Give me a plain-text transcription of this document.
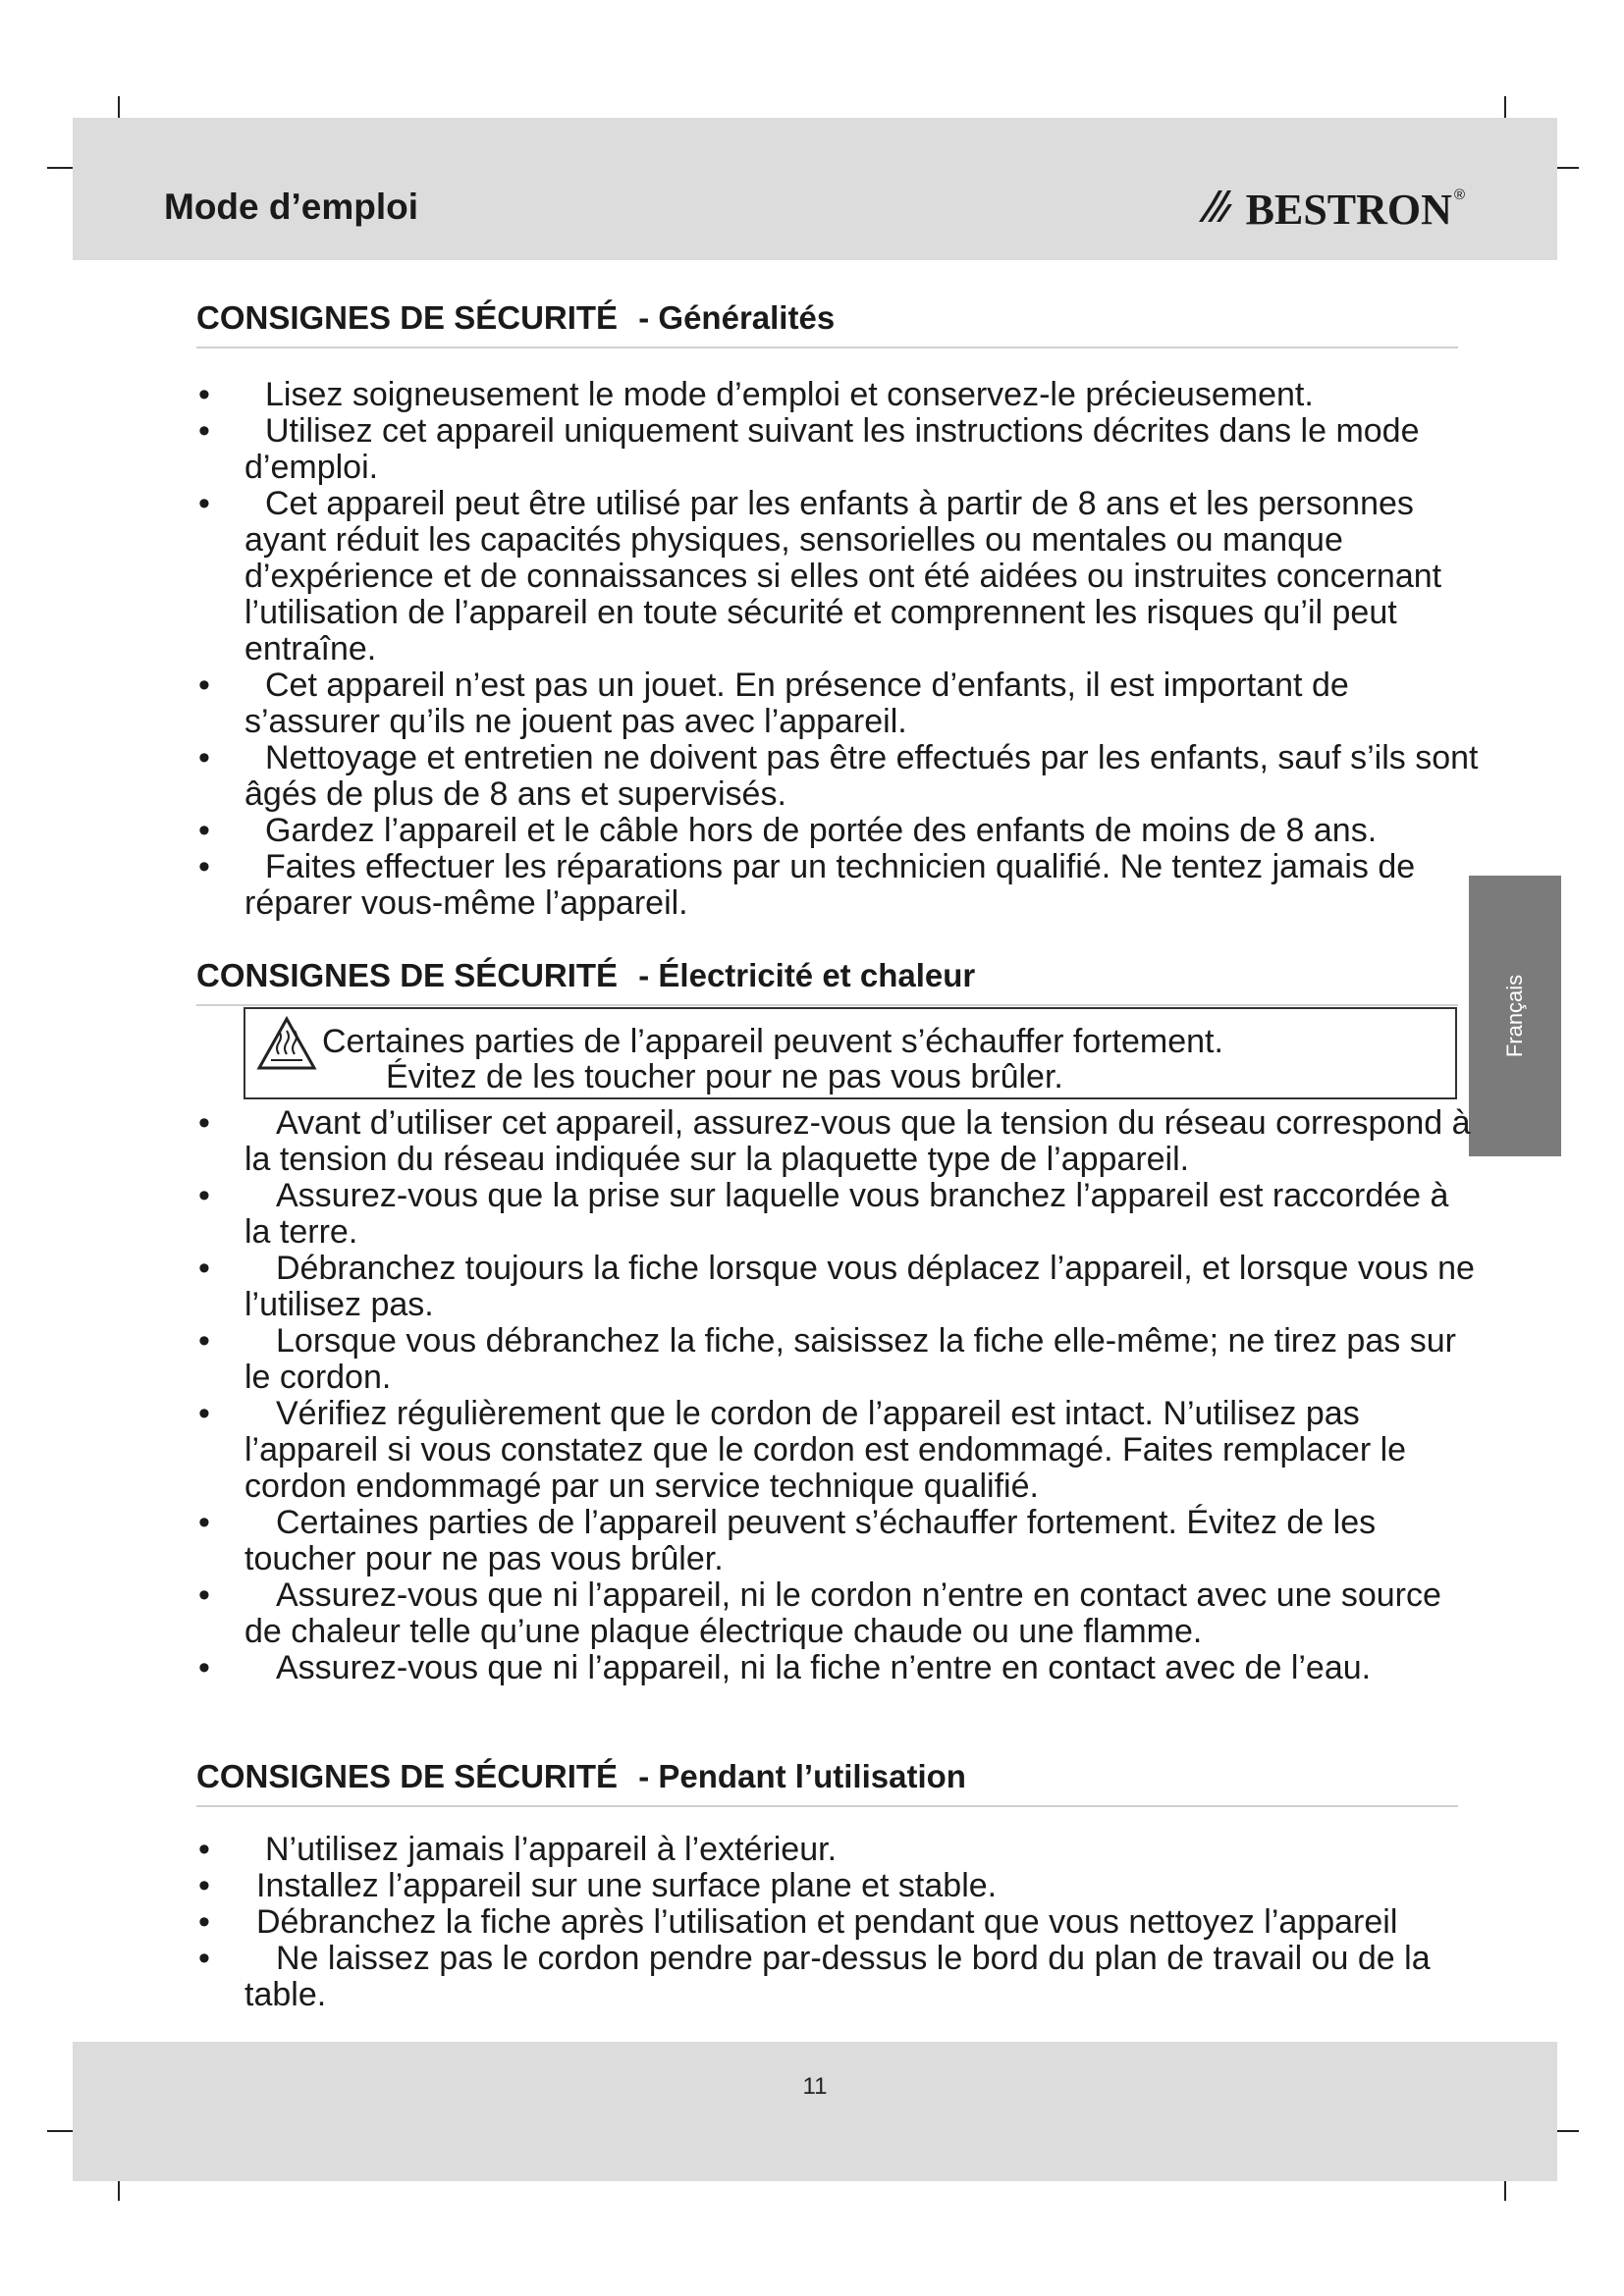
Mode d’emploi	BESTRON ®
Français
CONSIGNES DE SÉCURITÉ - Généralités
• Lisez soigneusement le mode d’emploi et conservez-le précieusement.
• Utilisez cet appareil uniquement suivant les instructions décrites dans le mode d’emploi.
• Cet appareil peut être utilisé par les enfants à partir de 8 ans et les personnes ayant réduit les capacités physiques, sensorielles ou mentales ou manque d’expérience et de connaissances si elles ont été aidées ou instruites concernant l’utilisation de l’appareil en toute sécurité et comprennent les risques qu’il peut entraîne.
• Cet appareil n’est pas un jouet. En présence d’enfants, il est important de s’assurer qu’ils ne jouent pas avec l’appareil.
• Nettoyage et entretien ne doivent pas être effectués par les enfants, sauf s’ils sont âgés de plus de 8 ans et supervisés.
• Gardez l’appareil et le câble hors de portée des enfants de moins de 8 ans.
• Faites effectuer les réparations par un technicien qualifié. Ne tentez jamais de réparer vous-même l’appareil.
CONSIGNES DE SÉCURITÉ - Électricité et chaleur
Certaines parties de l’appareil peuvent s’échauffer fortement.
Évitez de les toucher pour ne pas vous brûler.
• Avant d’utiliser cet appareil, assurez-vous que la tension du réseau correspond à la tension du réseau indiquée sur la plaquette type de l’appareil.
• Assurez-vous que la prise sur laquelle vous branchez l’appareil est raccordée à la terre.
• Débranchez toujours la fiche lorsque vous déplacez l’appareil, et lorsque vous ne l’utilisez pas.
• Lorsque vous débranchez la fiche, saisissez la fiche elle-même; ne tirez pas sur le cordon.
• Vérifiez régulièrement que le cordon de l’appareil est intact. N’utilisez pas l’appareil si vous constatez que le cordon est endommagé. Faites remplacer le cordon endommagé par un service technique qualifié.
• Certaines parties de l’appareil peuvent s’échauffer fortement. Évitez de les toucher pour ne pas vous brûler.
• Assurez-vous que ni l’appareil, ni le cordon n’entre en contact avec une source de chaleur telle qu’une plaque électrique chaude ou une flamme.
• Assurez-vous que ni l’appareil, ni la fiche n’entre en contact avec de l’eau.
CONSIGNES DE SÉCURITÉ - Pendant l’utilisation
• N’utilisez jamais l’appareil à l’extérieur.
• Installez l’appareil sur une surface plane et stable.
• Débranchez la fiche après l’utilisation et pendant que vous nettoyez l’appareil
• Ne laissez pas le cordon pendre par-dessus le bord du plan de travail ou de la table.
11
